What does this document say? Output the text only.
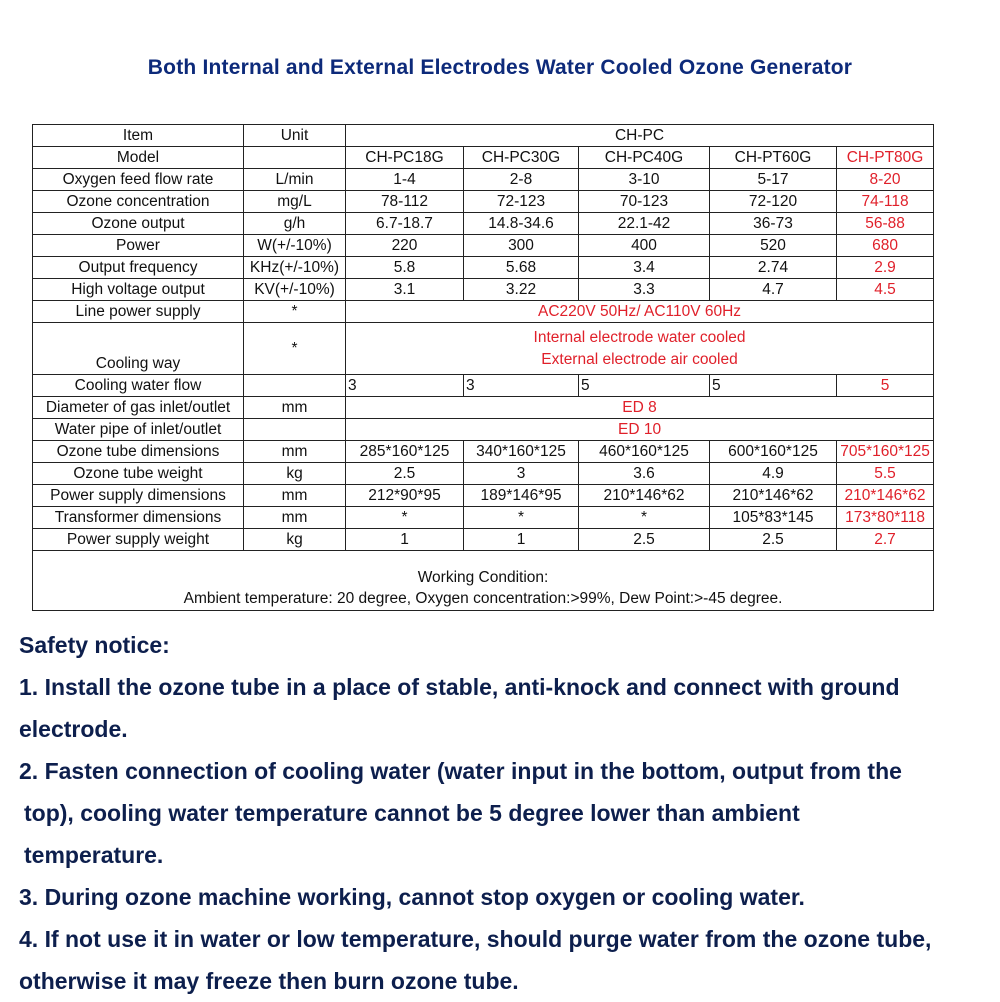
Both Internal and External Electrodes Water Cooled Ozone Generator
Item	Unit	CH-PC				
Model		CH-PC18G	CH-PC30G	CH-PC40G	CH-PT60G	CH-PT80G
Oxygen feed flow rate	L/min	1-4	2-8	3-10	5-17	8-20
Ozone concentration	mg/L	78-112	72-123	70-123	72-120	74-118
Ozone output	g/h	6.7-18.7	14.8-34.6	22.1-42	36-73	56-88
Power	W(+/-10%)	220	300	400	520	680
Output frequency	KHz(+/-10%)	5.8	5.68	3.4	2.74	2.9
High voltage output	KV(+/-10%)	3.1	3.22	3.3	4.7	4.5
Line power supply	*	AC220V 50Hz/ AC110V 60Hz				
Cooling way	*	Internal electrode water cooled
External electrode air cooled				

Cooling water flow		3	3	5	5	5
Diameter of gas inlet/outlet	mm	ED 8				
Water pipe of inlet/outlet		ED 10				
Ozone tube dimensions	mm	285*160*125	340*160*125	460*160*125	600*160*125	705*160*125
Ozone tube weight	kg	2.5	3	3.6	4.9	5.5
Power supply dimensions	mm	212*90*95	189*146*95	210*146*62	210*146*62	210*146*62
Transformer dimensions	mm	*	*	*	105*83*145	173*80*118
Power supply weight	kg	1	1	2.5	2.5	2.7

Working Condition:
Ambient temperature: 20 degree, Oxygen concentration:>99%, Dew Point:>-45 degree.						
Safety notice:
1. Install the ozone tube in a place of stable, anti-knock and connect with ground
electrode.
2. Fasten connection of cooling water (water input in the bottom, output from the
top), cooling water temperature cannot be 5 degree lower than ambient
temperature.
3. During ozone machine working, cannot stop oxygen or cooling water.
4. If not use it in water or low temperature, should purge water from the ozone tube,
otherwise it may freeze then burn ozone tube.
